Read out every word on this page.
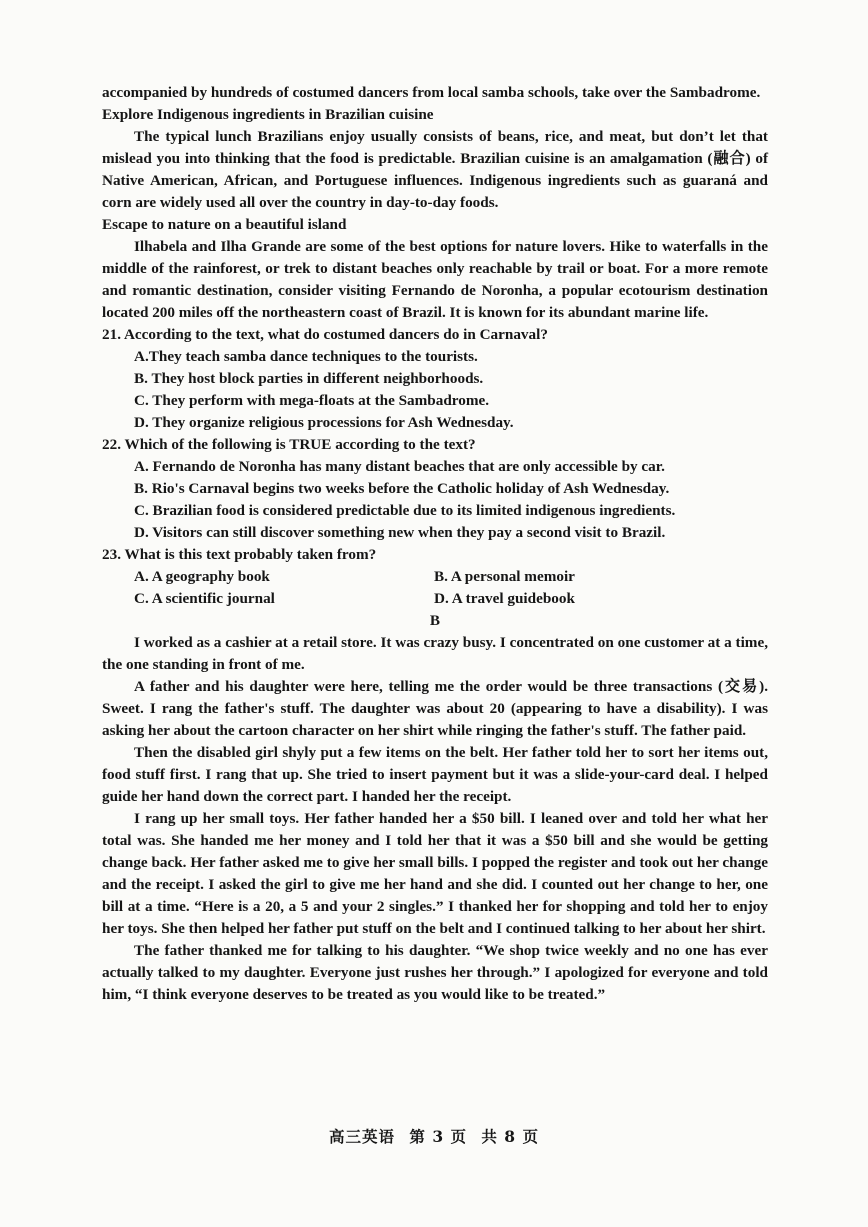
accompanied by hundreds of costumed dancers from local samba schools, take over the Sambadrome.

Explore Indigenous ingredients in Brazilian cuisine

The typical lunch Brazilians enjoy usually consists of beans, rice, and meat, but don’t let that mislead you into thinking that the food is predictable. Brazilian cuisine is an amalgamation (融合) of Native American, African, and Portuguese influences. Indigenous ingredients such as guaraná and corn are widely used all over the country in day-to-day foods.

Escape to nature on a beautiful island

Ilhabela and Ilha Grande are some of the best options for nature lovers. Hike to waterfalls in the middle of the rainforest, or trek to distant beaches only reachable by trail or boat. For a more remote and romantic destination, consider visiting Fernando de Noronha, a popular ecotourism destination located 200 miles off the northeastern coast of Brazil. It is known for its abundant marine life.

21. According to the text, what do costumed dancers do in Carnaval?

A.They teach samba dance techniques to the tourists.

B. They host block parties in different neighborhoods.

C. They perform with mega-floats at the Sambadrome.

D. They organize religious processions for Ash Wednesday.

22. Which of the following is TRUE according to the text?

A. Fernando de Noronha has many distant beaches that are only accessible by car.

B. Rio's Carnaval begins two weeks before the Catholic holiday of Ash Wednesday.

C. Brazilian food is considered predictable due to its limited indigenous ingredients.

D. Visitors can still discover something new when they pay a second visit to Brazil.

23. What is this text probably taken from?

A. A geography book	B. A personal memoir
C. A scientific journal	D. A travel guidebook

B

I worked as a cashier at a retail store. It was crazy busy. I concentrated on one customer at a time, the one standing in front of me.

A father and his daughter were here, telling me the order would be three transactions (交易). Sweet. I rang the father's stuff. The daughter was about 20 (appearing to have a disability). I was asking her about the cartoon character on her shirt while ringing the father's stuff. The father paid.

Then the disabled girl shyly put a few items on the belt. Her father told her to sort her items out, food stuff first. I rang that up. She tried to insert payment but it was a slide-your-card deal. I helped guide her hand down the correct part. I handed her the receipt.

I rang up her small toys. Her father handed her a $50 bill. I leaned over and told her what her total was. She handed me her money and I told her that it was a $50 bill and she would be getting change back. Her father asked me to give her small bills. I popped the register and took out her change and the receipt. I asked the girl to give me her hand and she did. I counted out her change to her, one bill at a time. “Here is a 20, a 5 and your 2 singles.” I thanked her for shopping and told her to enjoy her toys. She then helped her father put stuff on the belt and I continued talking to her about her shirt.

The father thanked me for talking to his daughter. “We shop twice weekly and no one has ever actually talked to my daughter. Everyone just rushes her through.” I apologized for everyone and told him, “I think everyone deserves to be treated as you would like to be treated.”

高三英语 第 3 页 共 8 页
